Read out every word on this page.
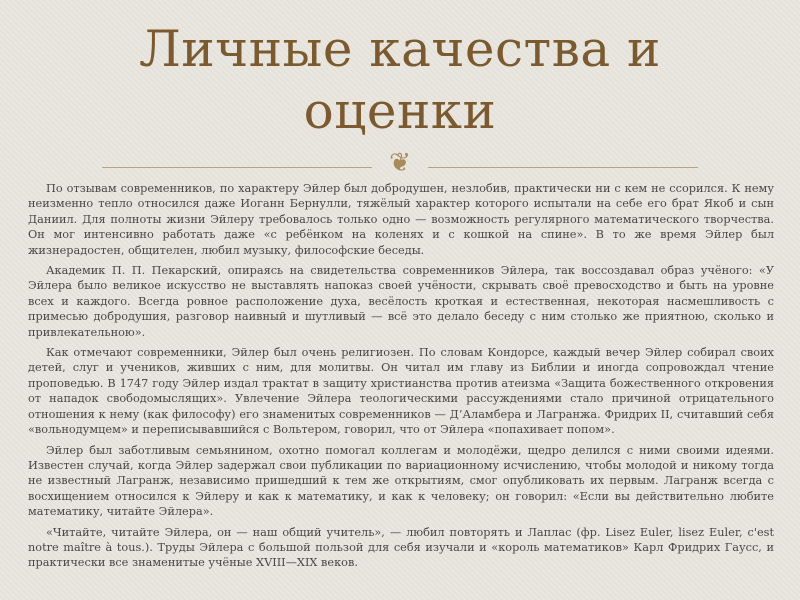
Личные качества и
оценки
❦

По отзывам современников, по характеру Эйлер был добродушен, незлобив, практически ни с кем не ссорился. К нему неизменно тепло относился даже Иоганн Бернулли, тяжёлый характер которого испытали на себе его брат Якоб и сын Даниил. Для полноты жизни Эйлеру требовалось только одно — возможность регулярного математического творчества. Он мог интенсивно работать даже «с ребёнком на коленях и с кошкой на спине». В то же время Эйлер был жизнерадостен, общителен, любил музыку, философские беседы.

Академик П. П. Пекарский, опираясь на свидетельства современников Эйлера, так воссоздавал образ учёного: «У Эйлера было великое искусство не выставлять напоказ своей учёности, скрывать своё превосходство и быть на уровне всех и каждого. Всегда ровное расположение духа, весёлость кроткая и естественная, некоторая насмешливость с примесью добродушия, разговор наивный и шутливый — всё это делало беседу с ним столько же приятною, сколько и привлекательною».

Как отмечают современники, Эйлер был очень религиозен. По словам Кондорсе, каждый вечер Эйлер собирал своих детей, слуг и учеников, живших с ним, для молитвы. Он читал им главу из Библии и иногда сопровождал чтение проповедью. В 1747 году Эйлер издал трактат в защиту христианства против атеизма «Защита божественного откровения от нападок свободомыслящих». Увлечение Эйлера теологическими рассуждениями стало причиной отрицательного отношения к нему (как философу) его знаменитых современников — Д’Аламбера и Лагранжа. Фридрих II, считавший себя «вольнодумцем» и переписывавшийся с Вольтером, говорил, что от Эйлера «попахивает попом».

Эйлер был заботливым семьянином, охотно помогал коллегам и молодёжи, щедро делился с ними своими идеями. Известен случай, когда Эйлер задержал свои публикации по вариационному исчислению, чтобы молодой и никому тогда не известный Лагранж, независимо пришедший к тем же открытиям, смог опубликовать их первым. Лагранж всегда с восхищением относился к Эйлеру и как к математику, и как к человеку; он говорил: «Если вы действительно любите математику, читайте Эйлера».

«Читайте, читайте Эйлера, он — наш общий учитель», — любил повторять и Лаплас (фр. Lisez Euler, lisez Euler, c'est notre maître à tous.). Труды Эйлера с большой пользой для себя изучали и «король математиков» Карл Фридрих Гаусс, и практически все знаменитые учёные XVIII—XIX веков.
